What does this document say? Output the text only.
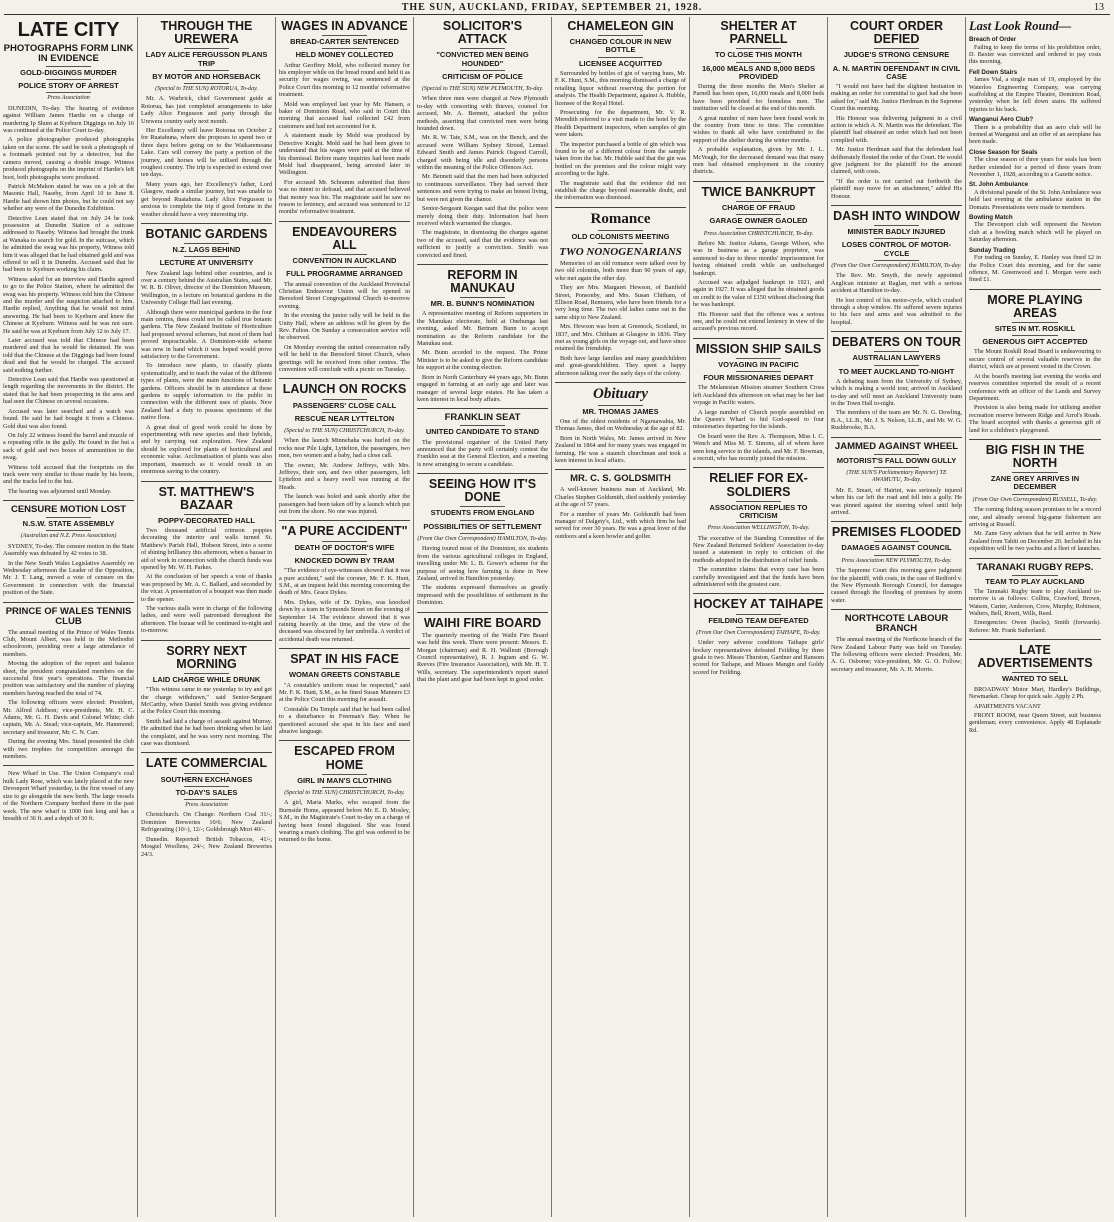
THE SUN, AUCKLAND, FRIDAY, SEPTEMBER 21, 1928.	13
LATE CITY
PHOTOGRAPHS FORM LINK IN EVIDENCE
GOLD-DIGGINGS MURDER
POLICE STORY OF ARREST
Press Association

DUNEDIN, To-day. The hearing of evidence against William James Hardie on a charge of murdering Ip Shum at Kyeburn Diggings on July 16 was continued at the Police Court to-day.

A police photographer produced photographs taken on the scene. He said he took a photograph of a footmark pointed out by a detective, but the camera moved, causing a double image. Witness produced photographs on the imprint of Hardie's left boot, both photographs were produced.

Patrick McMahon stated he was on a job at the Masonic Hall, Naseby, from April 10 to June 8. Hardie had shown him photos, but he could not say whether any were of the Dunedin Exhibition.

Detective Lean stated that on July 24 he took possession at Dunedin Station of a suitcase addressed to Naseby. Witness had brought the trunk at Wanaka to search for gold. In the suitcase, which he admitted the swag was his property, Witness told him it was alleged that he had obtained gold and was offered to sell it in Dunedin. Accused said that he had been to Kyeburn working his claim.

Witness asked for an interview and Hardie agreed to go to the Police Station, where he admitted the swag was his property. Witness told him the Chinese and the murder and the suspicion attached to him. Hardie replied, Anything that he would not mind answering. He had been to Kyeburn and knew the Chinese at Kyeburn. Witness said he was not sure. He said he was at Kyeburn from July 12 to July 17.

Later accused was told that Chinese had been murdered and that he would be detained. He was told that the Chinese at the Diggings had been found dead and that he would be charged. The accused said nothing further.

Detective Lean said that Hardie was questioned at length regarding the movements in the district. He stated that he had been prospecting in the area and had seen the Chinese on several occasions.

Accused was later searched and a watch was found. He said he had bought it from a Chinese. Gold dust was also found.

On July 22 witness found the barrel and muzzle of a repeating rifle in the gully. He found in the hut a sack of gold and two boxes of ammunition in the swag.

Witness told accused that the footprints on the track were very similar to those made by his boots, and the tracks led to the hut.

The hearing was adjourned until Monday.

CENSURE MOTION LOST
N.S.W. STATE ASSEMBLY
(Australian and N.Z. Press Association)

SYDNEY, To-day. The censure motion in the State Assembly was defeated by 42 votes to 38.

In the New South Wales Legislative Assembly on Wednesday afternoon the Leader of the Opposition, Mr. J. T. Lang, moved a vote of censure on the Government in connection with the financial position of the State.

PRINCE OF WALES TENNIS CLUB

The annual meeting of the Prince of Wales Tennis Club, Mount Albert, was held in the Methodist schoolroom, presiding over a large attendance of members.

Moving the adoption of the report and balance sheet, the president congratulated members on the successful first year's operations. The financial position was satisfactory and the number of playing members having reached the total of 74.

The following officers were elected: President, Mr. Alfred Addison; vice-presidents, Mr. H. C. Adams, Mr. G. H. Davis and Colonel White; club captain, Mr. A. Stead; vice-captain, Mr. Hammond; secretary and treasurer, Mr. C. N. Carr.

During the evening Mrs. Stead presented the club with two trophies for competition amongst the members.

New Wharf in Use. The Union Company's coal hulk Lady Rose, which was lately placed at the new Devonport Wharf yesterday, is the first vessel of any size to go alongside the new berth. The large vessels of the Northern Company berthed there in the past week. The new wharf is 1000 feet long and has a breadth of 36 ft. and a depth of 30 ft.

THROUGH THE UREWERA
LADY ALICE FERGUSSON PLANS TRIP
BY MOTOR AND HORSEBACK
(Special to THE SUN) ROTORUA, To-day.

Mr. A. Warbrick, chief Government guide at Rotorua, has just completed arrangements to take Lady Alice Fergusson and party through the Urewera country early next month.

Her Excellency will leave Rotorua on October 2 for Ruatahuna, where she proposes to spend two or three days before going on to the Waikaremoana Lake. Cars will convey the party a portion of the journey, and horses will be utilised through the roughest country. The trip is expected to extend over ten days.

Many years ago, her Excellency's father, Lord Glasgow, made a similar journey, but was unable to get beyond Ruatahuna. Lady Alice Fergusson is anxious to complete the trip if good fortune in the weather should have a very interesting trip.

BOTANIC GARDENS
N.Z. LAGS BEHIND
LECTURE AT UNIVERSITY

New Zealand lags behind other countries, and is over a century behind the Australian States, said Mr. W. R. B. Oliver, director of the Dominion Museum, Wellington, in a lecture on botanical gardens in the University College Hall last evening.

Although there were municipal gardens in the four main centres, these could not be called true botanic gardens. The New Zealand Institute of Horticulture had proposed several schemes, but most of them had proved impracticable. A Dominion-wide scheme was now in hand which it was hoped would prove satisfactory to the Government.

To introduce new plants, to classify plants systematically, and to teach the value of the different types of plants, were the main functions of botanic gardens. Officers should be in attendance at these gardens to supply information to the public in connection with the different uses of plants. New Zealand had a duty to possess specimens of the native flora.

A great deal of good work could be done by experimenting with new species and their hybrids, and by carrying out exploration. New Zealand should be explored for plants of horticultural and economic value. Acclimatisation of plants was also important, inasmuch as it would result in an enormous saving to the country.

ST. MATTHEW'S BAZAAR
POPPY-DECORATED HALL

Two thousand artificial crimson poppies decorating the interior and walls turned St. Matthew's Parish Hall, Hobson Street, into a scene of shining brilliancy this afternoon, when a bazaar in aid of work in connection with the church funds was opened by Mr. W. H. Parkes.

At the conclusion of her speech a vote of thanks was proposed by Mr. A. C. Ballard, and seconded by the vicar. A presentation of a bouquet was then made to the opener.

The various stalls were in charge of the following ladies, and were well patronised throughout the afternoon. The bazaar will be continued to-night and to-morrow.

SORRY NEXT MORNING
LAID CHARGE WHILE DRUNK

"This witness came to me yesterday to try and get the charge withdrawn," said Senior-Sergeant McCarthy, when Daniel Smith was giving evidence at the Police Court this morning.

Smith had laid a charge of assault against Murray. He admitted that he had been drinking when he laid the complaint, and he was sorry next morning. The case was dismissed.

LATE COMMERCIAL
SOUTHERN EXCHANGES
TO-DAY'S SALES
Press Association

Christchurch. On Change: Northern Coal 31/-; Dominion Breweries 10/6; New Zealand Refrigerating (10/-), 12/-; Goldsbrough Mort 40/-.

Dunedin. Reported: British Tobaccos, 41/-; Mosgiel Woollens, 24/-; New Zealand Breweries 24/3.

WAGES IN ADVANCE
BREAD-CARTER SENTENCED
HELD MONEY COLLECTED

Arthur Geoffrey Mold, who collected money for his employer while on the bread round and held it as security for wages owing, was sentenced at the Police Court this morning to 12 months' reformative treatment.

Mold was employed last year by Mr. Hansen, a baker of Dominion Road, who said in Court this morning that accused had collected £42 from customers and had not accounted for it.

A statement made by Mold was produced by Detective Knight. Mold said he had been given to understand that his wages were paid at the time of his dismissal. Before many inquiries had been made Mold had disappeared, being arrested later in Wellington.

For accused Mr. Schramm submitted that there was no intent to defraud, and that accused believed that money was his. The magistrate said he saw no reason to leniency, and accused was sentenced to 12 months' reformative treatment.

ENDEAVOURERS ALL
CONVENTION IN AUCKLAND
FULL PROGRAMME ARRANGED

The annual convention of the Auckland Provincial Christian Endeavour Union will be opened in Beresford Street Congregational Church to-morrow evening.

In the evening the junior rally will be held in the Unity Hall, where an address will be given by the Rev. Fulton. On Sunday a consecration service will be observed.

On Monday evening the united consecration rally will be held in the Beresford Street Church, when greetings will be received from other centres. The convention will conclude with a picnic on Tuesday.

LAUNCH ON ROCKS
PASSENGERS' CLOSE CALL
RESCUE NEAR LYTTELTON
(Special to THE SUN) CHRISTCHURCH, To-day.

When the launch Minnehaha was hurled on the rocks near Pile Light, Lyttelton, the passengers, two men, two women and a baby, had a close call.

The owner, Mr. Andrew Jeffreys, with Mrs. Jeffreys, their son, and two other passengers, left Lyttelton and a heavy swell was running at the Heads.

The launch was holed and sank shortly after the passengers had been taken off by a launch which put out from the shore. No one was injured.

"A PURE ACCIDENT"
DEATH OF DOCTOR'S WIFE
KNOCKED DOWN BY TRAM

"The evidence of eye-witnesses showed that it was a pure accident," said the coroner, Mr. F. K. Hunt, S.M., at an inquest held this morning concerning the death of Mrs. Grace Dykes.

Mrs. Dykes, wife of Dr. Dykes, was knocked down by a tram in Symonds Street on the evening of September 14. The evidence showed that it was raining heavily at the time, and the view of the deceased was obscured by her umbrella. A verdict of accidental death was returned.

SPAT IN HIS FACE
WOMAN GREETS CONSTABLE

"A constable's uniform must be respected," said Mr. F. K. Hunt, S.M., as he fined Susan Manners £3 at the Police Court this morning for assault.

Constable Du Temple said that he had been called to a disturbance in Freeman's Bay. When he questioned accused she spat in his face and used abusive language.

ESCAPED FROM HOME
GIRL IN MAN'S CLOTHING
(Special to THE SUN) CHRISTCHURCH, To-day.

A girl, Maria Marks, who escaped from the Burnside Home, appeared before Mr. E. D. Mosley, S.M., in the Magistrate's Court to-day on a charge of having been found disguised. She was found wearing a man's clothing. The girl was ordered to be returned to the home.

SOLICITOR'S ATTACK
"CONVICTED MEN BEING HOUNDED"
CRITICISM OF POLICE
(Special to THE SUN) NEW PLYMOUTH, To-day.

When three men were charged at New Plymouth to-day with consorting with thieves, counsel for accused, Mr. A. Bennett, attacked the police methods, asserting that convicted men were being hounded down.

Mr. R. W. Tate, S.M., was on the Bench, and the accused were William Sydney Stroud, Lemuel Edward Smith and James Patrick Osgood Carroll, charged with being idle and disorderly persons within the meaning of the Police Offences Act.

Mr. Bennett said that the men had been subjected to continuous surveillance. They had served their sentences and were trying to make an honest living, but were not given the chance.

Senior-Sergeant Keegan said that the police were merely doing their duty. Information had been received which warranted the charges.

The magistrate, in dismissing the charges against two of the accused, said that the evidence was not sufficient to justify a conviction. Smith was convicted and fined.

REFORM IN MANUKAU
MR. B. BUNN'S NOMINATION

A representative meeting of Reform supporters in the Manukau electorate, held at Onehunga last evening, asked Mr. Bertram Bunn to accept nomination as the Reform candidate for the Manukau seat.

Mr. Bunn acceded to the request. The Prime Minister is to be asked to give the Reform candidate his support at the coming election.

Born in North Canterbury 44 years ago, Mr. Bunn engaged in farming at an early age and later was manager of several large estates. He has taken a keen interest in local body affairs.

FRANKLIN SEAT
UNITED CANDIDATE TO STAND

The provisional organiser of the United Party announced that the party will certainly contest the Franklin seat at the General Election, and a meeting is now arranging to secure a candidate.

SEEING HOW IT'S DONE
STUDENTS FROM ENGLAND
POSSIBILITIES OF SETTLEMENT
(From Our Own Correspondent) HAMILTON, To-day.

Having toured most of the Dominion, six students from the various agricultural colleges in England, travelling under Mr. L. B. Gower's scheme for the purpose of seeing how farming is done in New Zealand, arrived in Hamilton yesterday.

The students expressed themselves as greatly impressed with the possibilities of settlement in the Dominion.

WAIHI FIRE BOARD

The quarterly meeting of the Waihi Fire Board was held this week. There were present: Messrs. E. Morgan (chairman) and R. H. Wallnutt (Borough Council representative), R. J. Ingram and G. W. Reeves (Fire Insurance Association), with Mr. H. T. Wills, secretary. The superintendent's report stated that the plant and gear had been kept in good order.

CHAMELEON GIN
CHANGED COLOUR IN NEW BOTTLE
LICENSEE ACQUITTED

Surrounded by bottles of gin of varying hues, Mr. F. K. Hunt, S.M., this morning dismissed a charge of retailing liquor without reserving the portion for analysis. The Health Department, against A. Hubble, licensee of the Royal Hotel.

Prosecuting for the department, Mr. V. R. Meredith referred to a visit made to the hotel by the Health Department inspectors, when samples of gin were taken.

The inspector purchased a bottle of gin which was found to be of a different colour from the sample taken from the bar. Mr. Hubble said that the gin was bottled on the premises and the colour might vary according to the light.

The magistrate said that the evidence did not establish the charge beyond reasonable doubt, and the information was dismissed.

Romance
OLD COLONISTS MEETING
TWO NONOGENARIANS

Memories of an old romance were talked over by two old colonists, both more than 90 years of age, who met again the other day.

They are Mrs. Margaret Hewson, of Banfield Street, Ponsonby, and Mrs. Susan Chitham, of Ellison Road, Remuera, who have been friends for a very long time. The two old ladies came out in the same ship to New Zealand.

Mrs. Hewson was born at Greenock, Scotland, in 1837, and Mrs. Chitham at Glasgow in 1836. They met as young girls on the voyage out, and have since retained the friendship.

Both have large families and many grandchildren and great-grandchildren. They spent a happy afternoon talking over the early days of the colony.

Obituary
MR. THOMAS JAMES

One of the oldest residents of Ngaruawahia, Mr. Thomas James, died on Wednesday at the age of 82.

Born in North Wales, Mr. James arrived in New Zealand in 1864 and for many years was engaged in farming. He was a staunch churchman and took a keen interest in local affairs.

MR. C. S. GOLDSMITH

A well-known business man of Auckland, Mr. Charles Stephen Goldsmith, died suddenly yesterday at the age of 57 years.

For a number of years Mr. Goldsmith had been manager of Dalgety's, Ltd., with which firm he had served for over 30 years. He was a great lover of the outdoors and a keen bowler and golfer.

SHELTER AT PARNELL
TO CLOSE THIS MONTH
16,000 MEALS AND 8,000 BEDS PROVIDED

During the three months the Men's Shelter at Parnell has been open, 16,000 meals and 8,000 beds have been provided for homeless men. The institution will be closed at the end of this month.

A great number of men have been found work in the country from time to time. The committee wishes to thank all who have contributed to the support of the shelter during the winter months.

A probable explanation, given by Mr. J. L. McVeagh, for the decreased demand was that many men had obtained employment in the country districts.

TWICE BANKRUPT
CHARGE OF FRAUD
GARAGE OWNER GAOLED
Press Association CHRISTCHURCH, To-day.

Before Mr. Justice Adams, George Wilson, who was in business as a garage proprietor, was sentenced to-day to three months' imprisonment for having obtained credit while an undischarged bankrupt.

Accused was adjudged bankrupt in 1921, and again in 1927. It was alleged that he obtained goods on credit to the value of £150 without disclosing that he was bankrupt.

His Honour said that the offence was a serious one, and he could not extend leniency in view of the accused's previous record.

MISSION SHIP SAILS
VOYAGING IN PACIFIC
FOUR MISSIONARIES DEPART

The Melanesian Mission steamer Southern Cross left Auckland this afternoon on what may be her last voyage in Pacific waters.

A large number of Church people assembled on the Queen's Wharf to bid God-speed to four missionaries departing for the islands.

On board were the Rev. A. Thompson, Miss I. C. Wench and Miss M. T. Simons, all of whom have seen long service in the islands, and Mr. F. Bowman, a recruit, who has recently joined the mission.

RELIEF FOR EX-SOLDIERS
ASSOCIATION REPLIES TO CRITICISM
Press Association WELLINGTON, To-day.

The executive of the Standing Committee of the New Zealand Returned Soldiers' Association to-day issued a statement in reply to criticism of the methods adopted in the distribution of relief funds.

The committee claims that every case has been carefully investigated and that the funds have been administered with the greatest care.

HOCKEY AT TAIHAPE
FEILDING TEAM DEFEATED
(From Our Own Correspondent) TAIHAPE, To-day.

Under very adverse conditions Taihape girls' hockey representatives defeated Feilding by three goals to two. Misses Thurston, Gardner and Ransom scored for Taihape, and Misses Mangin and Goldy scored for Feilding.

COURT ORDER DEFIED
JUDGE'S STRONG CENSURE
A. N. MARTIN DEFENDANT IN CIVIL CASE

"I would not have had the slightest hesitation in making an order for committal to gaol had she been asked for," said Mr. Justice Herdman in the Supreme Court this morning.

His Honour was delivering judgment in a civil action in which A. N. Martin was the defendant. The plaintiff had obtained an order which had not been complied with.

Mr. Justice Herdman said that the defendant had deliberately flouted the order of the Court. He would give judgment for the plaintiff for the amount claimed, with costs.

"If the order is not carried out forthwith the plaintiff may move for an attachment," added His Honour.

DASH INTO WINDOW
MINISTER BADLY INJURED
LOSES CONTROL OF MOTOR-CYCLE
(From Our Own Correspondent) HAMILTON, To-day.

The Rev. Mr. Smyth, the newly appointed Anglican minister at Raglan, met with a serious accident at Hamilton to-day.

He lost control of his motor-cycle, which crashed through a shop window. He suffered severe injuries to his face and arms and was admitted to the hospital.

DEBATERS ON TOUR
AUSTRALIAN LAWYERS
TO MEET AUCKLAND TO-NIGHT

A debating team from the University of Sydney, which is making a world tour, arrived in Auckland to-day and will meet an Auckland University team in the Town Hall to-night.

The members of the team are Mr. N. G. Dowling, B.A., LL.B., Mr. J. S. Nelson, LL.B., and Mr. W. G. Rushbrooke, B.A.

JAMMED AGAINST WHEEL
MOTORIST'S FALL DOWN GULLY
(THE SUN'S Parliamentary Reporter) TE AWAMUTU, To-day.

Mr. E. Smart, of Hairini, was seriously injured when his car left the road and fell into a gully. He was pinned against the steering wheel until help arrived.

PREMISES FLOODED
DAMAGES AGAINST COUNCIL
Press Association NEW PLYMOUTH, To-day.

The Supreme Court this morning gave judgment for the plaintiff, with costs, in the case of Redford v. the New Plymouth Borough Council, for damages caused through the flooding of premises by storm water.

NORTHCOTE LABOUR BRANCH

The annual meeting of the Northcote branch of the New Zealand Labour Party was held on Tuesday. The following officers were elected: President, Mr. A. G. Osborne; vice-president, Mr. G. O. Follow; secretary and treasurer, Mr. A. H. Morris.

Last Look Round—
Breach of Order

Failing to keep the terms of his prohibition order, D. Baxter was convicted and ordered to pay costs this morning.

Fell Down Stairs

James Vial, a single man of 19, employed by the Waterloo Engineering Company, was carrying scaffolding at the Empire Theatre, Dominion Road, yesterday when he fell down stairs. He suffered injuries to his back.

Wanganui Aero Club?

There is a probability that an aero club will be formed at Wanganui and an offer of an aeroplane has been made.

Close Season for Seals

The close season of three years for seals has been further extended for a period of three years from November 1, 1928, according to a Gazette notice.

St. John Ambulance

A divisional parade of the St. John Ambulance was held last evening at the ambulance station in the Domain. Presentations were made to members.

Bowling Match

The Devonport club will represent the Newton club at a bowling match which will be played on Saturday afternoon.

Sunday Trading

For trading on Sunday, E. Hanley was fined £2 in the Police Court this morning, and for the same offence, M. Greenwood and I. Morgan were each fined £1.

MORE PLAYING AREAS
SITES IN MT. ROSKILL
GENEROUS GIFT ACCEPTED

The Mount Roskill Road Board is endeavouring to secure control of several valuable reserves in the district, which are at present vested in the Crown.

At the board's meeting last evening the works and reserves committee reported the result of a recent conference with an officer of the Lands and Survey Department.

Provision is also being made for utilising another recreation reserve between Ridge and Arrol's Roads. The board accepted with thanks a generous gift of land for a children's playground.

BIG FISH IN THE NORTH
ZANE GREY ARRIVES IN DECEMBER
(From Our Own Correspondent) RUSSELL, To-day.

The coming fishing season promises to be a record one, and already several big-game fishermen are arriving at Russell.

Mr. Zane Grey advises that he will arrive in New Zealand from Tahiti on December 20. Included in his expedition will be two yachts and a fleet of launches.

TARANAKI RUGBY REPS.
TEAM TO PLAY AUCKLAND

The Taranaki Rugby team to play Auckland to-morrow is as follows: Collins, Crawford, Brown, Watson, Carter, Anderson, Crow, Murphy, Robinson, Walters, Bell, Rivett, Wills, Reed.

Emergencies: Owen (backs), Smith (forwards). Referee: Mr. Frank Sutherland.

LATE ADVERTISEMENTS
WANTED TO SELL

BROADWAY Motor Mart, Hardley's Buildings, Newmarket. Cheap for quick sale. Apply 2 Ph.

APARTMENTS VACANT

FRONT ROOM, near Queen Street, suit business gentleman; every convenience. Apply 48 Esplanade Rd.
